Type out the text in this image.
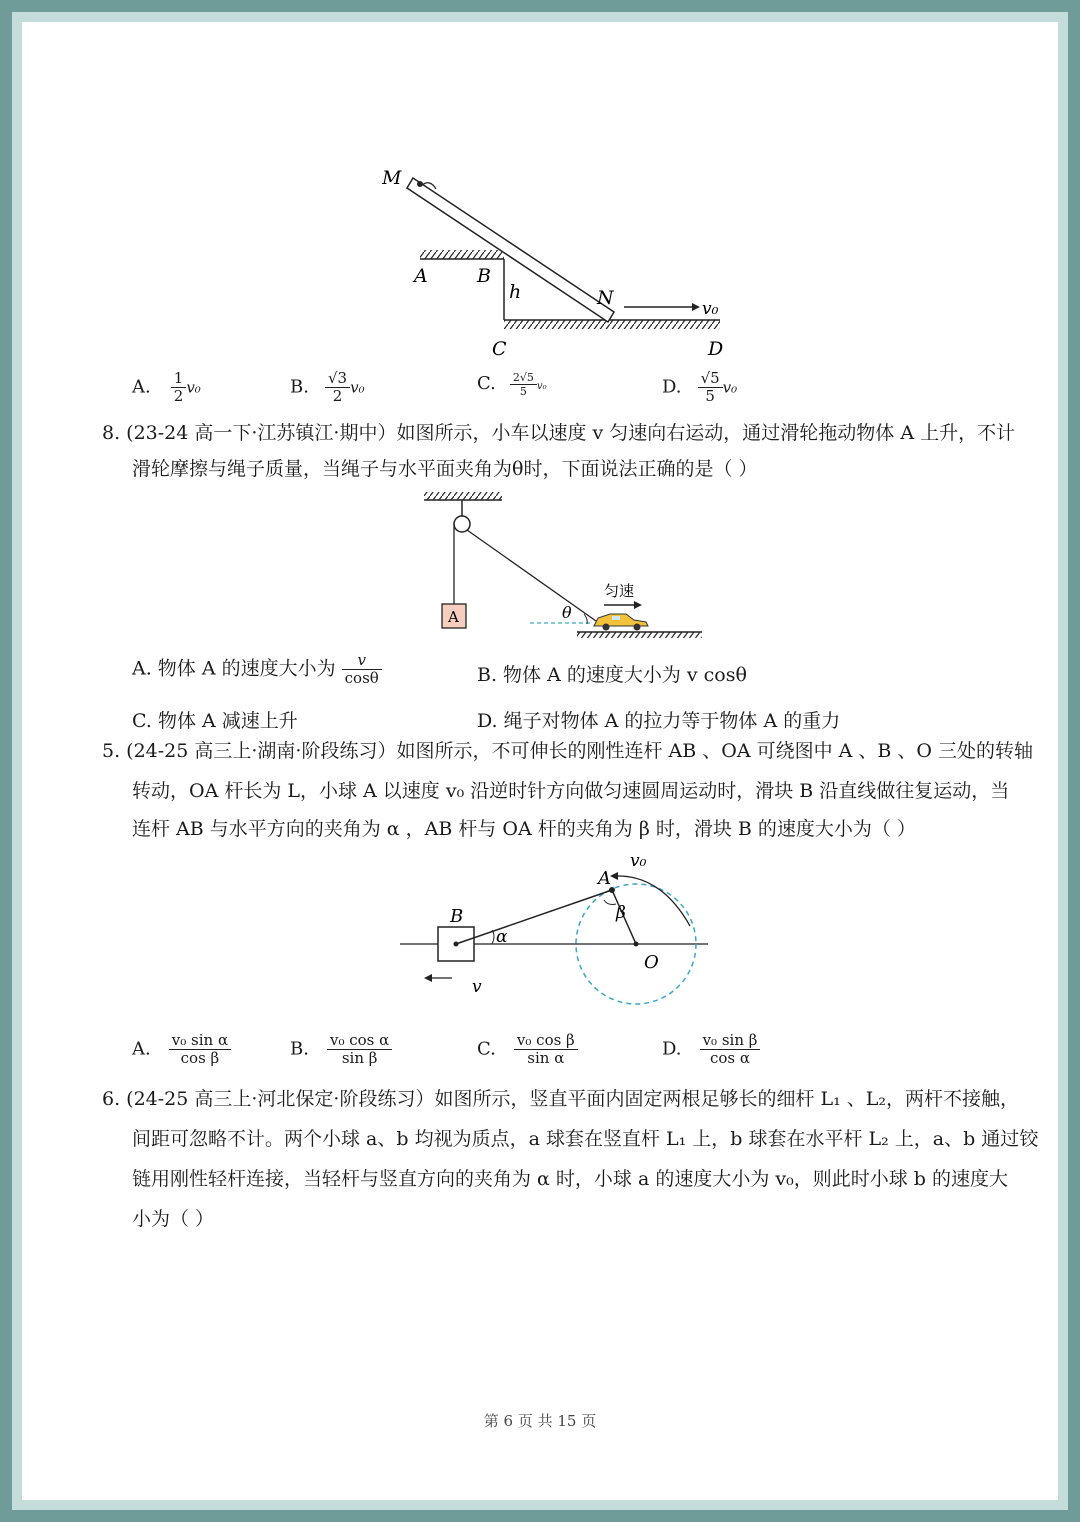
M
A	B
h	N	v₀
C	D
A. $\frac{1}{2} v_0$	B. $\frac{√3}{2} v_0$	C. $\frac{2√5}{5} v_0$	D. $\frac{√5}{5} v_0$
8. (23-24 高一下·江苏镇江·期中）如图所示，小车以速度 v 匀速向右运动，通过滑轮拖动物体 A 上升，不计
滑轮摩擦与绳子质量，当绳子与水平面夹角为θ时，下面说法正确的是（ ）
A	θ
匀速
A. 物体 A 的速度大小为 $\frac{v}{\cos\theta}$	B. 物体 A 的速度大小为 v cosθ
C. 物体 A 减速上升	D. 绳子对物体 A 的拉力等于物体 A 的重力
5. (24-25 高三上·湖南·阶段练习）如图所示，不可伸长的刚性连杆 AB 、OA 可绕图中 A 、B 、O 三处的转轴
转动，OA 杆长为 L，小球 A 以速度 v₀ 沿逆时针方向做匀速圆周运动时，滑块 B 沿直线做往复运动，当
连杆 AB 与水平方向的夹角为 α ，AB 杆与 OA 杆的夹角为 β 时，滑块 B 的速度大小为（ ）
B
A
O
v₀
α
β
v
A. $\frac{\text{v₀ sin α}}{\text{cos β}}$	B. $\frac{\text{v₀ cos α}}{\text{sin β}}$	C. $\frac{\text{v₀ cos β}}{\text{sin α}}$	D. $\frac{\text{v₀ sin β}}{\text{cos α}}$
6. (24-25 高三上·河北保定·阶段练习）如图所示，竖直平面内固定两根足够长的细杆 L₁ 、L₂，两杆不接触，
间距可忽略不计。两个小球 a、b 均视为质点，a 球套在竖直杆 L₁ 上，b 球套在水平杆 L₂ 上，a、b 通过铰
链用刚性轻杆连接，当轻杆与竖直方向的夹角为 α 时，小球 a 的速度大小为 v₀，则此时小球 b 的速度大
小为（ ）
第 6 页 共 15 页
